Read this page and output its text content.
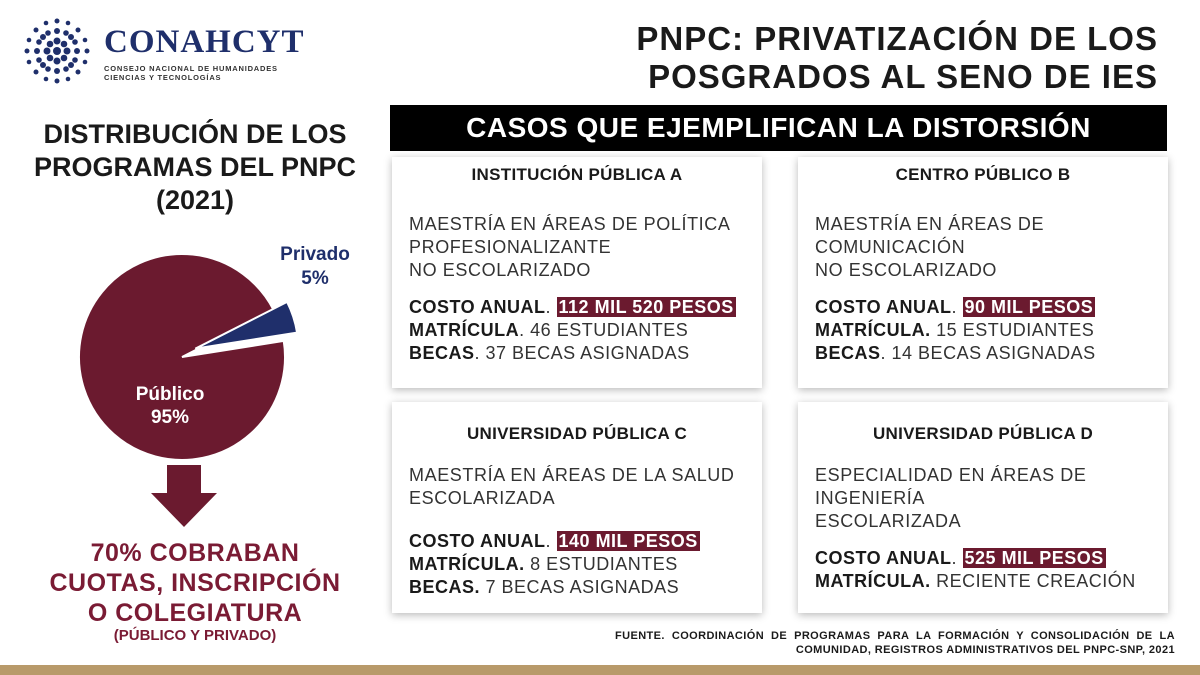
CONAHCYT
CONSEJO NACIONAL DE HUMANIDADES
CIENCIAS Y TECNOLOGÍAS
PNPC: PRIVATIZACIÓN DE LOS
POSGRADOS AL SENO DE IES
DISTRIBUCIÓN DE LOS
PROGRAMAS DEL PNPC
(2021)
Privado
5%
Público
95%
70% COBRABAN
CUOTAS, INSCRIPCIÓN
O COLEGIATURA
(PÚBLICO Y PRIVADO)
CASOS QUE EJEMPLIFICAN LA DISTORSIÓN
INSTITUCIÓN PÚBLICA A
MAESTRÍA EN ÁREAS DE POLÍTICA
PROFESIONALIZANTE
NO ESCOLARIZADO
COSTO ANUAL. 112 MIL 520 PESOS
MATRÍCULA. 46 ESTUDIANTES
BECAS. 37 BECAS ASIGNADAS
CENTRO PÚBLICO B
MAESTRÍA EN ÁREAS DE
COMUNICACIÓN
NO ESCOLARIZADO
COSTO ANUAL. 90 MIL PESOS
MATRÍCULA. 15 ESTUDIANTES
BECAS. 14 BECAS ASIGNADAS
UNIVERSIDAD PÚBLICA C
MAESTRÍA EN ÁREAS DE LA SALUD
ESCOLARIZADA
COSTO ANUAL. 140 MIL PESOS
MATRÍCULA. 8 ESTUDIANTES
BECAS. 7 BECAS ASIGNADAS
UNIVERSIDAD PÚBLICA D
ESPECIALIDAD EN ÁREAS DE
INGENIERÍA
ESCOLARIZADA
COSTO ANUAL. 525 MIL PESOS
MATRÍCULA. RECIENTE CREACIÓN
FUENTE. COORDINACIÓN DE PROGRAMAS PARA LA FORMACIÓN Y CONSOLIDACIÓN DE LA COMUNIDAD, REGISTROS ADMINISTRATIVOS DEL PNPC-SNP, 2021
